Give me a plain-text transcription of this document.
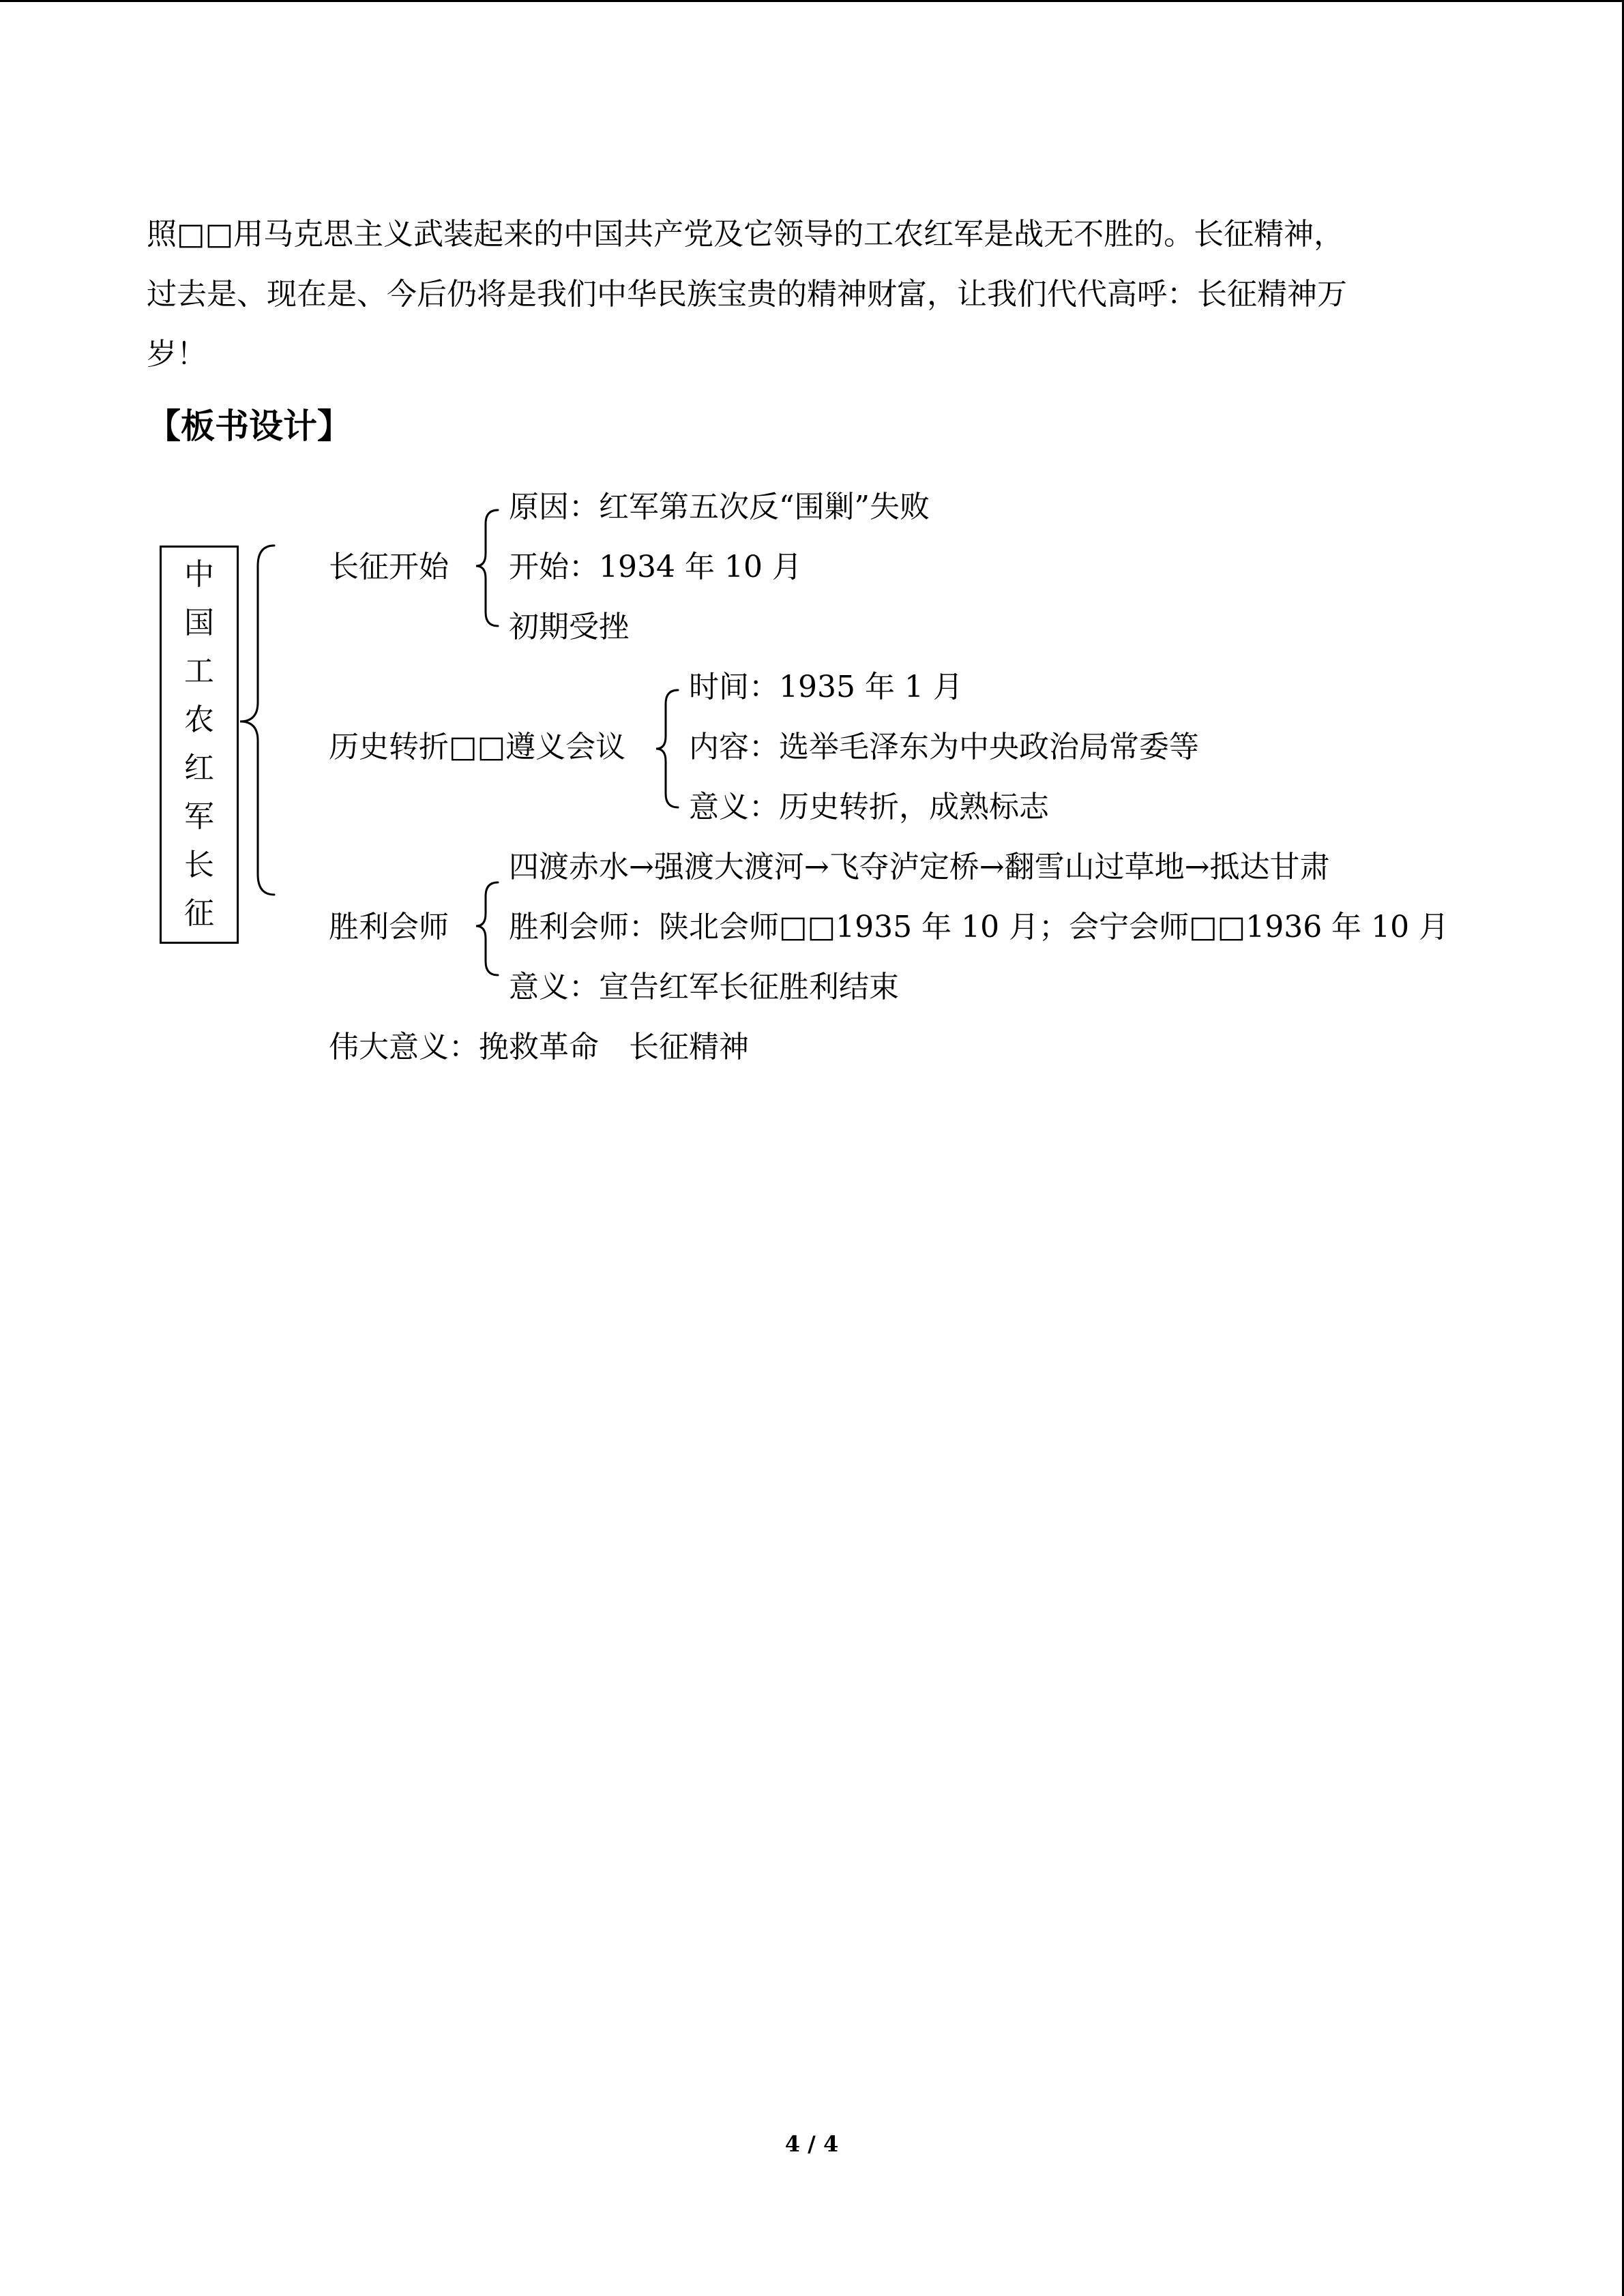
照□□用马克思主义武装起来的中国共产党及它领导的工农红军是战无不胜的。长征精神，
过去是、现在是、今后仍将是我们中华民族宝贵的精神财富，让我们代代高呼：长征精神万
岁！
【板书设计】
中
国
工
农
红
军
长
征
长征开始
原因：红军第五次反“围剿”失败
开始：1934 年 10 月
初期受挫
历史转折□□遵义会议
时间：1935 年 1 月
内容：选举毛泽东为中央政治局常委等
意义：历史转折，成熟标志
胜利会师
四渡赤水→强渡大渡河→飞夺泸定桥→翻雪山过草地→抵达甘肃
胜利会师：陕北会师□□1935 年 10 月；会宁会师□□1936 年 10 月
意义：宣告红军长征胜利结束
伟大意义：挽救革命　长征精神
4 / 4
